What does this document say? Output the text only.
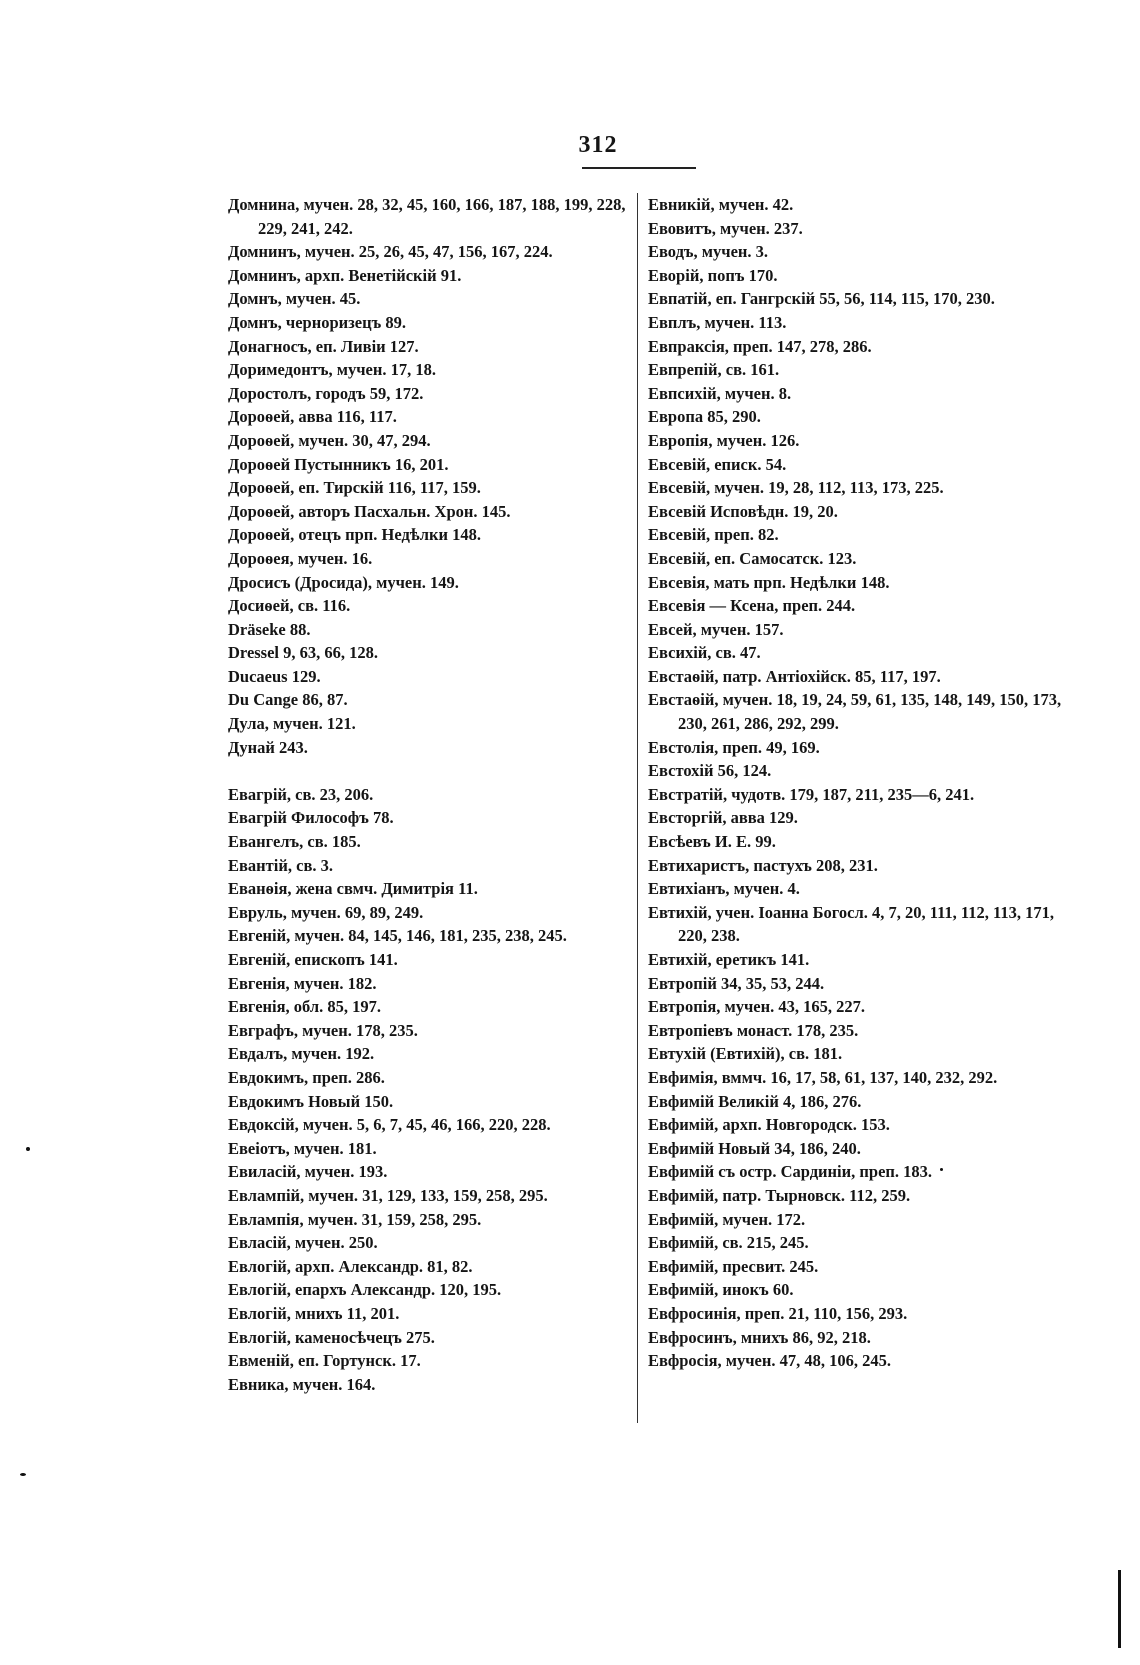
312
Домнина, мучен. 28, 32, 45, 160, 166, 187, 188, 199, 228, 229, 241, 242.
Домнинъ, мучен. 25, 26, 45, 47, 156, 167, 224.
Домнинъ, архп. Венетійскій 91.
Домнъ, мучен. 45.
Домнъ, черноризецъ 89.
Донагносъ, еп. Ливіи 127.
Доримедонтъ, мучен. 17, 18.
Доростолъ, городъ 59, 172.
Дороѳей, авва 116, 117.
Дороѳей, мучен. 30, 47, 294.
Дороѳей Пустынникъ 16, 201.
Дороѳей, еп. Тирскій 116, 117, 159.
Дороѳей, авторъ Пасхальн. Хрон. 145.
Дороѳей, отецъ прп. Недѣлки 148.
Дороѳея, мучен. 16.
Дросисъ (Дросида), мучен. 149.
Досиѳей, св. 116.
Dräseke 88.
Dressel 9, 63, 66, 128.
Ducaeus 129.
Du Cange 86, 87.
Дула, мучен. 121.
Дунай 243.
Евагрій, св. 23, 206.
Евагрій Философъ 78.
Евангелъ, св. 185.
Евантій, св. 3.
Еванѳія, жена свмч. Димитрія 11.
Евруль, мучен. 69, 89, 249.
Евгеній, мучен. 84, 145, 146, 181, 235, 238, 245.
Евгеній, епископъ 141.
Евгенія, мучен. 182.
Евгенія, обл. 85, 197.
Евграфъ, мучен. 178, 235.
Евдалъ, мучен. 192.
Евдокимъ, преп. 286.
Евдокимъ Новый 150.
Евдоксій, мучен. 5, 6, 7, 45, 46, 166, 220, 228.
Евеіотъ, мучен. 181.
Евиласій, мучен. 193.
Евлампій, мучен. 31, 129, 133, 159, 258, 295.
Евлампія, мучен. 31, 159, 258, 295.
Евласій, мучен. 250.
Евлогій, архп. Александр. 81, 82.
Евлогій, епархъ Александр. 120, 195.
Евлогій, мнихъ 11, 201.
Евлогій, каменосѣчецъ 275.
Евменій, еп. Гортунск. 17.
Евника, мучен. 164.
Евникій, мучен. 42.
Евовитъ, мучен. 237.
Еводъ, мучен. 3.
Еворій, попъ 170.
Евпатій, еп. Гангрскій 55, 56, 114, 115, 170, 230.
Евплъ, мучен. 113.
Евпраксія, преп. 147, 278, 286.
Евпрепій, св. 161.
Евпсихій, мучен. 8.
Европа 85, 290.
Европія, мучен. 126.
Евсевій, еписк. 54.
Евсевій, мучен. 19, 28, 112, 113, 173, 225.
Евсевій Исповѣдн. 19, 20.
Евсевій, преп. 82.
Евсевій, еп. Самосатск. 123.
Евсевія, мать прп. Недѣлки 148.
Евсевія — Ксена, преп. 244.
Евсей, мучен. 157.
Евсихій, св. 47.
Евстаѳій, патр. Антіохійск. 85, 117, 197.
Евстаѳій, мучен. 18, 19, 24, 59, 61, 135, 148, 149, 150, 173, 230, 261, 286, 292, 299.
Евстолія, преп. 49, 169.
Евстохій 56, 124.
Евстратій, чудотв. 179, 187, 211, 235—6, 241.
Евсторгій, авва 129.
Евсѣевъ И. Е. 99.
Евтихаристъ, пастухъ 208, 231.
Евтихіанъ, мучен. 4.
Евтихій, учен. Іоанна Богосл. 4, 7, 20, 111, 112, 113, 171, 220, 238.
Евтихій, еретикъ 141.
Евтропій 34, 35, 53, 244.
Евтропія, мучен. 43, 165, 227.
Евтропіевъ монаст. 178, 235.
Евтухій (Евтихій), св. 181.
Евфимія, вммч. 16, 17, 58, 61, 137, 140, 232, 292.
Евфимій Великій 4, 186, 276.
Евфимій, архп. Новгородск. 153.
Евфимій Новый 34, 186, 240.
Евфимій съ остр. Сардиніи, преп. 183.
Евфимій, патр. Тырновск. 112, 259.
Евфимій, мучен. 172.
Евфимій, св. 215, 245.
Евфимій, пресвит. 245.
Евфимій, инокъ 60.
Евфросинія, преп. 21, 110, 156, 293.
Евфросинъ, мнихъ 86, 92, 218.
Евфросія, мучен. 47, 48, 106, 245.
